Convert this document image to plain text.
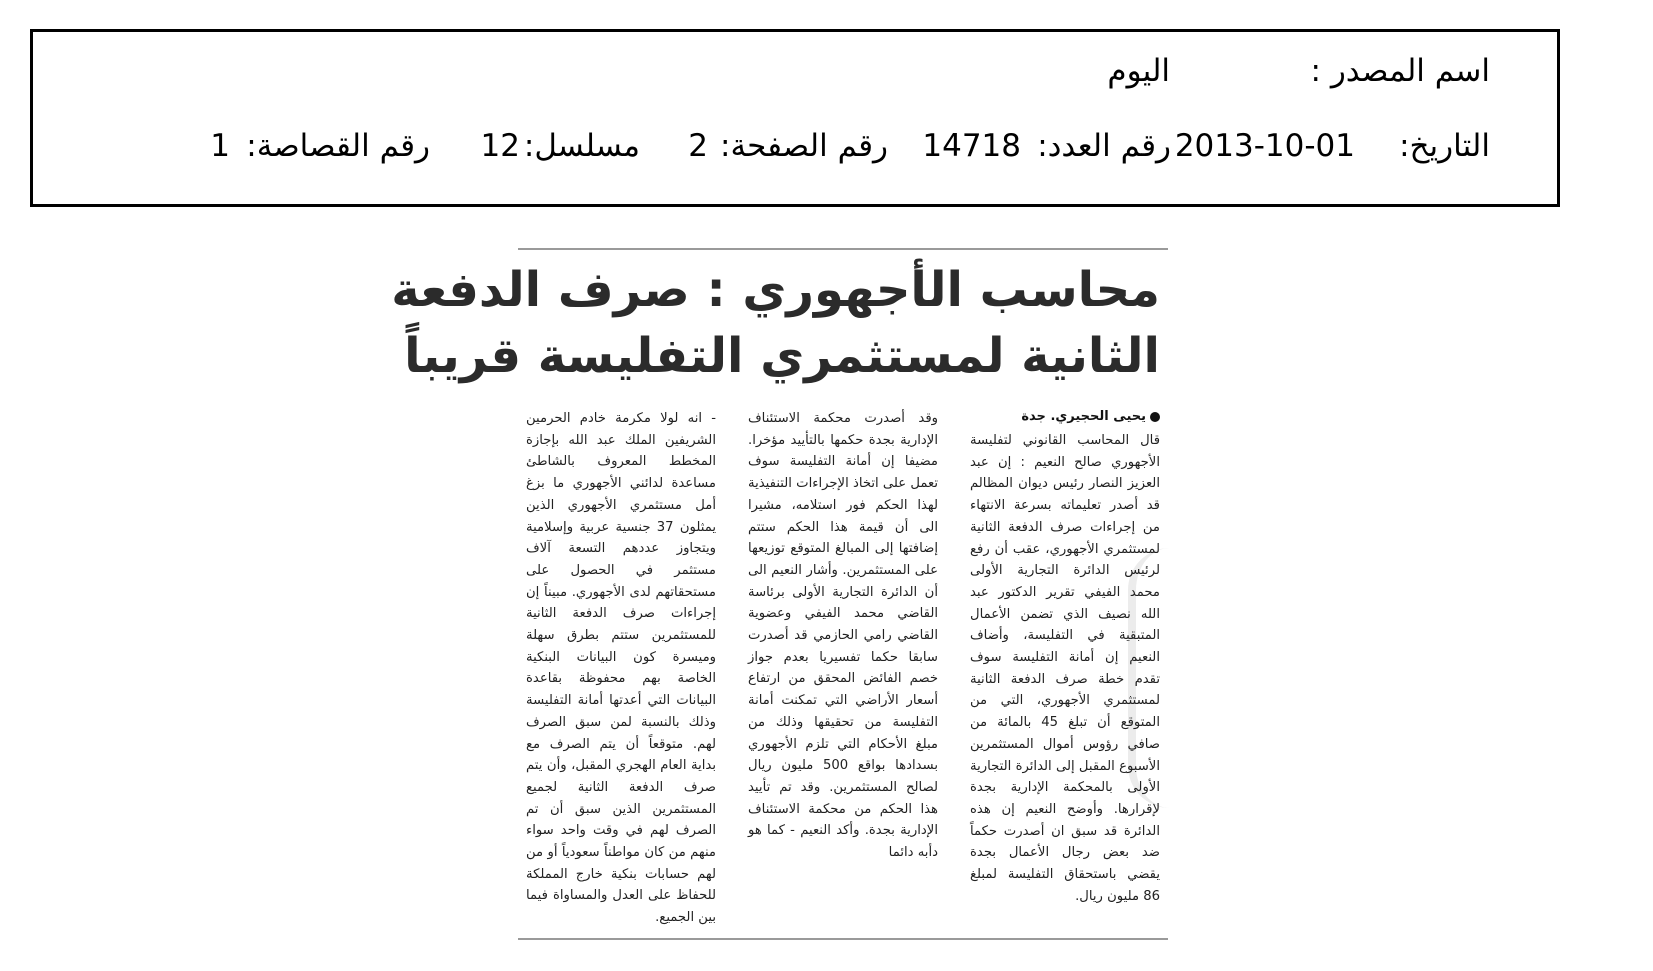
اسم المصدر :
اليوم
التاريخ:
2013-10-01
رقم العدد:
14718
رقم الصفحة:
2
مسلسل:
12
رقم القصاصة:
1
محاسب الأجهوري : صرف الدفعة
الثانية لمستثمري التفليسة قريباً
يحيى الحجيري. جدة
قال المحاسب القانوني لتفليسة الأجهوري صالح النعيم : إن عبد العزيز النصار رئيس ديوان المظالم قد أصدر تعليماته بسرعة الانتهاء من إجراءات صرف الدفعة الثانية لمستثمري الأجهوري، عقب أن رفع لرئيس الدائرة التجارية الأولى محمد الفيفي تقرير الدكتور عبد الله نصيف الذي تضمن الأعمال المتبقية في التفليسة، وأضاف النعيم إن أمانة التفليسة سوف تقدم خطة صرف الدفعة الثانية لمستثمري الأجهوري، التي من المتوقع أن تبلغ 45 بالمائة من صافي رؤوس أموال المستثمرين الأسبوع المقبل إلى الدائرة التجارية الأولى بالمحكمة الإدارية بجدة لإقرارها. وأوضح النعيم إن هذه الدائرة قد سبق ان أصدرت حكماً ضد بعض رجال الأعمال بجدة يقضي باستحقاق التفليسة لمبلغ 86 مليون ريال.
وقد أصدرت محكمة الاستئناف الإدارية بجدة حكمها بالتأييد مؤخرا. مضيفا إن أمانة التفليسة سوف تعمل على اتخاذ الإجراءات التنفيذية لهذا الحكم فور استلامه، مشيرا الى أن قيمة هذا الحكم ستتم إضافتها إلى المبالغ المتوقع توزيعها على المستثمرين. وأشار النعيم الى أن الدائرة التجارية الأولى برئاسة القاضي محمد الفيفي وعضوية القاضي رامي الحازمي قد أصدرت سابقا حكما تفسيريا بعدم جواز خصم الفائض المحقق من ارتفاع أسعار الأراضي التي تمكنت أمانة التفليسة من تحقيقها وذلك من مبلغ الأحكام التي تلزم الأجهوري بسدادها بواقع 500 مليون ريال لصالح المستثمرين. وقد تم تأييد هذا الحكم من محكمة الاستئناف الإدارية بجدة. وأكد النعيم - كما هو دأبه دائما
- انه لولا مكرمة خادم الحرمين الشريفين الملك عبد الله بإجازة المخطط المعروف بالشاطئ مساعدة لدائني الأجهوري ما بزغ أمل مستثمري الأجهوري الذين يمثلون 37 جنسية عربية وإسلامية ويتجاوز عددهم التسعة آلاف مستثمر في الحصول على مستحقاتهم لدى الأجهوري. مبيناً إن إجراءات صرف الدفعة الثانية للمستثمرين ستتم بطرق سهلة وميسرة كون البيانات البنكية الخاصة بهم محفوظة بقاعدة البيانات التي أعدتها أمانة التفليسة وذلك بالنسبة لمن سبق الصرف لهم. متوقعاً أن يتم الصرف مع بداية العام الهجري المقبل، وأن يتم صرف الدفعة الثانية لجميع المستثمرين الذين سبق أن تم الصرف لهم في وقت واحد سواء منهم من كان مواطناً سعودياً أو من لهم حسابات بنكية خارج المملكة للحفاظ على العدل والمساواة فيما بين الجميع.
